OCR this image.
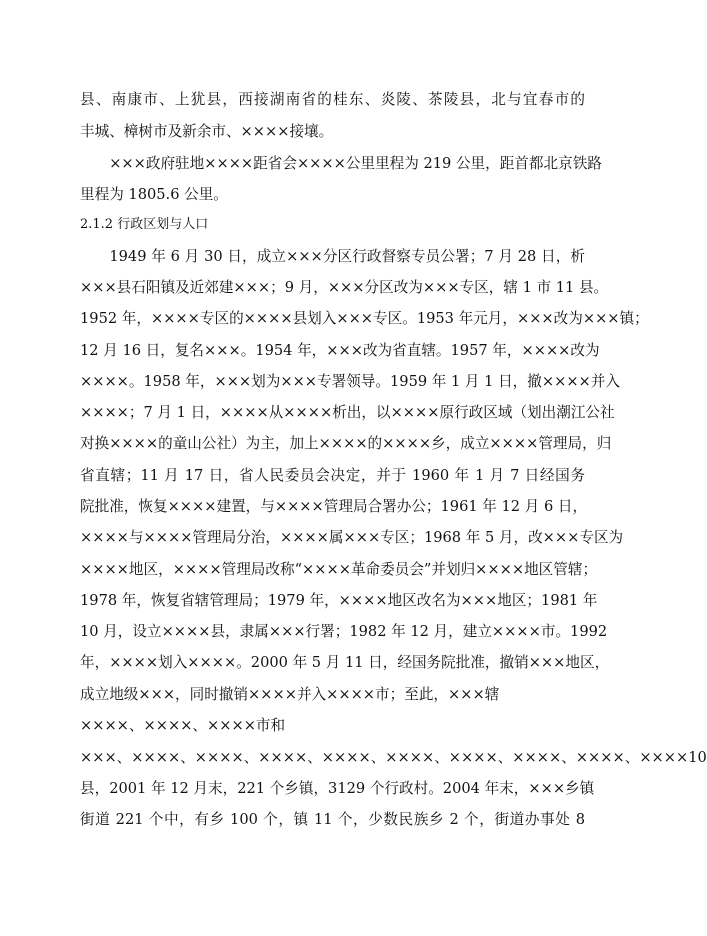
县、南康市、上犹县，西接湖南省的桂东、炎陵、茶陵县，北与宜春市的
丰城、樟树市及新余市、××××接壤。
　　×××政府驻地××××距省会××××公里里程为 219 公里，距首都北京铁路
里程为 1805.6 公里。
2.1.2 行政区划与人口
　　1949 年 6 月 30 日，成立×××分区行政督察专员公署；7 月 28 日，析
×××县石阳镇及近郊建×××；9 月，×××分区改为×××专区，辖 1 市 11 县。
1952 年，××××专区的××××县划入×××专区。1953 年元月，×××改为×××镇；
12 月 16 日，复名×××。1954 年，×××改为省直辖。1957 年，××××改为
××××。1958 年，×××划为×××专署领导。1959 年 1 月 1 日，撤××××并入
××××；7 月 1 日，××××从××××析出，以××××原行政区域（划出潮江公社
对换××××的童山公社）为主，加上××××的××××乡，成立××××管理局，归
省直辖；11 月 17 日，省人民委员会决定，并于 1960 年 1 月 7 日经国务
院批准，恢复××××建置，与××××管理局合署办公；1961 年 12 月 6 日，
××××与××××管理局分治，××××属×××专区；1968 年 5 月，改×××专区为
××××地区，××××管理局改称“××××革命委员会”并划归××××地区管辖；
1978 年，恢复省辖管理局；1979 年，××××地区改名为×××地区；1981 年
10 月，设立××××县，隶属×××行署；1982 年 12 月，建立××××市。1992
年，××××划入××××。2000 年 5 月 11 日，经国务院批准，撤销×××地区，
成立地级×××，同时撤销××××并入××××市；至此，×××辖
××××、××××、××××市和
×××、××××、××××、××××、××××、××××、××××、××××、××××、××××10
县，2001 年 12 月末，221 个乡镇，3129 个行政村。2004 年末，×××乡镇
街道 221 个中，有乡 100 个，镇 11 个，少数民族乡 2 个，街道办事处 8
